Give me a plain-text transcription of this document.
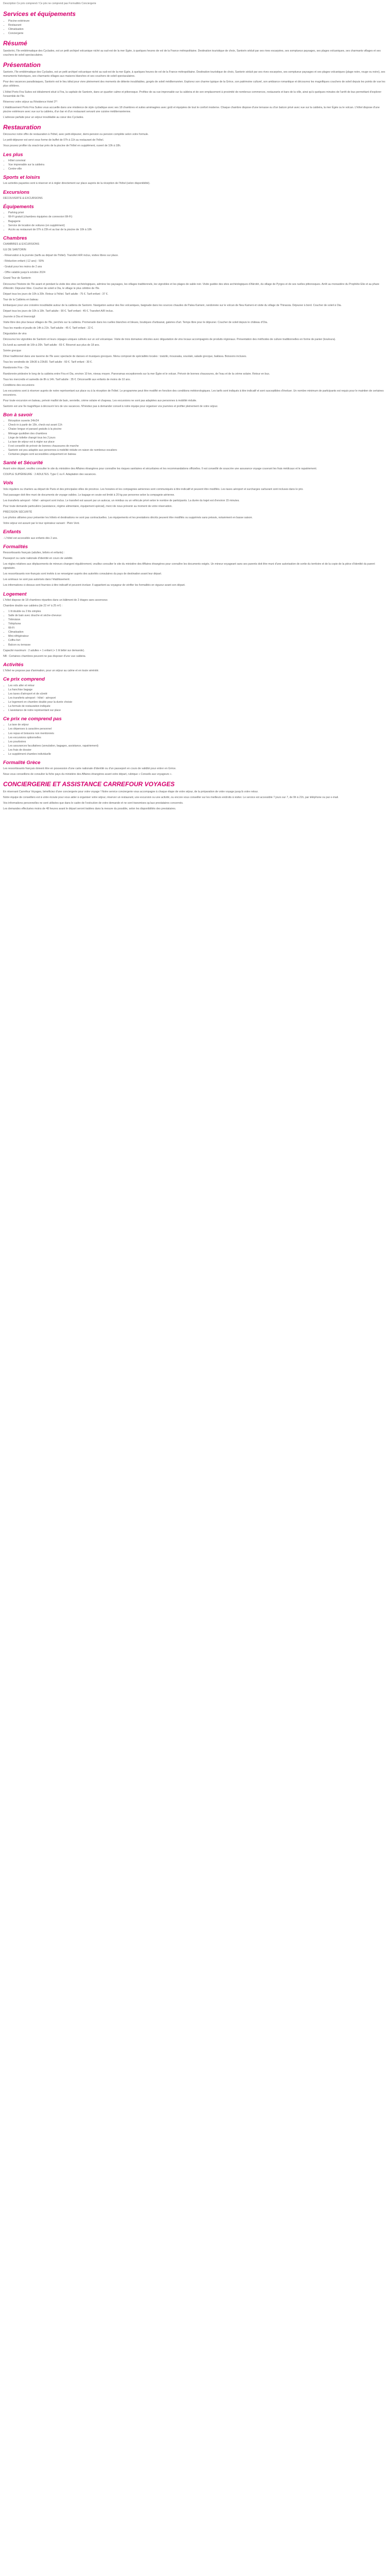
Description Ce prix comprend / Ce prix ne comprend pas Formalités Conciergerie
Services et équipements
• Piscine extérieure
• Restaurant
• Climatisation
• Conciergerie
Résumé

Sandoríni, l'île emblématique des Cyclades, est un petit archipel volcanique niché au sud-est de la mer Egée, à quelques heures de vol de la France métropolitaine. Destination touristique de choix, Santorin séduit par ses rives escarpées, ses somptueux paysages, ses plages volcaniques, ses charmants villages et ses couchers de soleil spectaculaires.

Présentation

Santorin, l'île emblématique des Cyclades, est un petit archipel volcanique niché au sud-est de la mer Egée, à quelques heures de vol de la France métropolitaine. Destination touristique de choix, Santorin séduit par ses rives escarpées, ses somptueux paysages et ses plages volcaniques (plage noire, rouge ou noire), ses monuments historiques, ses charmants villages aux maisons blanches et ses couchers de soleil spectaculaires.

Pour des vacances paradisiaques, Santorin est le lieu idéal pour vivre pleinement des moments de détente inoubliables, gorgés de soleil méditerranéen. Explorez son charme typique de la Grèce, son patrimoine culturel, son ambiance romantique et découvrez les magnifiques couchers de soleil depuis les points de vue les plus célèbres.

L'Hôtel Porto Fira Suites est idéalement situé à Fira, la capitale de Santorin, dans un quartier calme et pittoresque. Profitez de sa vue imprenable sur la caldeira et de son emplacement à proximité de nombreux commerces, restaurants et bars de la ville, ainsi qu'à quelques minutes de l'arrêt de bus permettant d'explorer l'ensemble de l'île.

Réservez votre séjour au Résidence Hotel 3*!

L'établissement Porto Fira Suites vous accueille dans une résidence de style cycladique avec ses 18 chambres et suites aménagées avec goût et équipées de tout le confort moderne. Chaque chambre dispose d'une terrasse ou d'un balcon privé avec vue sur la caldeira, la mer Égée ou le volcan. L'hôtel dispose d'une piscine extérieure avec vue sur la caldeira, d'un bar et d'un restaurant servant une cuisine méditerranéenne.

L'adresse parfaite pour un séjour inoubliable au cœur des Cyclades.

Restauration

Découvrez notre offre de restauration à l'hôtel, avec petit-déjeuner, demi-pension ou pension complète selon votre formule.

Le petit-déjeuner est servi sous forme de buffet de 07h à 11h au restaurant de l'hôtel.

Vous pouvez profiter du snack-bar près de la piscine de l'hôtel en supplément, ouvert de 10h à 18h.

Les plus
• Hôtel convivial
• Vue imprenable sur la caldeira
• Centre-ville
Sports et loisirs

Les activités payantes sont à réserver et à régler directement sur place auprès de la réception de l'hôtel (selon disponibilité).

Excursions

DÉCOUVERTE & EXCURSIONS

Équipements
• Parking privé
• Wi-Fi gratuit (chambres équipées de connexion Wi-Fi)
• Bagagerie
• Service de location de voitures (en supplément)
• Accès au restaurant de 07h à 23h et au bar de la piscine de 10h à 18h
Chambres

CHAMBRES & EXCURSIONS

ILE DE SANTORIN

- Réservation à la journée (tarifs au départ de l'hôtel). Transfert A/R inclus, visites libres sur place.

- Réduction enfant (-12 ans) : 50%

- Gratuit pour les moins de 2 ans

- Offre valable jusqu'à octobre 2024

Grand Tour de Santorin

Découvrez l'histoire de l'île avant et pendant la visite des sites archéologiques, admirez les paysages, les villages traditionnels, les vignobles et les plages de sable noir. Visite guidée des sites archéologiques d'Akrotiri, du village de Pyrgos et de ses ruelles pittoresques. Arrêt au monastère du Prophète Elie et au phare d'Akrotiri. Déjeuner libre. Coucher de soleil à Oia, le village le plus célèbre de l'île.

Départ tous les jours de 10h à 20h. Retour à l'hôtel. Tarif adulte : 75 €. Tarif enfant : 37 €.

Tour de la Caldeira en bateau

Embarquez pour une croisière inoubliable autour de la caldeira de Santorin. Navigation autour des îles volcaniques, baignade dans les sources chaudes de Palea Kameni, randonnée sur le volcan de Nea Kameni et visite du village de Thirassia. Déjeuner à bord. Coucher de soleil à Oia.

Départ tous les jours de 10h à 19h. Tarif adulte : 90 €. Tarif enfant : 45 €. Transfert A/R inclus.

Journée à Oia et Imerovigli

Visite libre des plus beaux villages de l'île, perchés sur la caldeira. Promenade dans les ruelles blanches et bleues, boutiques d'artisanat, galeries d'art. Temps libre pour le déjeuner. Coucher de soleil depuis le château d'Oia.

Tous les mardis et jeudis de 14h à 21h. Tarif adulte : 45 €. Tarif enfant : 22 €.

Dégustation de vins

Découvrez les vignobles de Santorin et leurs cépages uniques cultivés sur un sol volcanique. Visite de trois domaines viticoles avec dégustation de vins locaux accompagnés de produits régionaux. Présentation des méthodes de culture traditionnelles en forme de panier (kouloura).

Du lundi au samedi de 16h à 20h. Tarif adulte : 65 €. Réservé aux plus de 18 ans.

Soirée grecque

Dîner traditionnel dans une taverne de l'île avec spectacle de danses et musiques grecques. Menu composé de spécialités locales : tzatziki, moussaka, souvlaki, salade grecque, baklava. Boissons incluses.

Tous les vendredis de 19h30 à 23h30. Tarif adulte : 60 €. Tarif enfant : 30 €.

Randonnée Fira - Oia

Randonnée pédestre le long de la caldeira entre Fira et Oia, environ 10 km, niveau moyen. Panoramas exceptionnels sur la mer Égée et le volcan. Prévoir de bonnes chaussures, de l'eau et de la crème solaire. Retour en bus.

Tous les mercredis et samedis de 8h à 14h. Tarif adulte : 35 €. Déconseillé aux enfants de moins de 10 ans.

Conditions des excursions

Les excursions sont à réserver auprès de notre représentant sur place ou à la réception de l'hôtel. Le programme peut être modifié en fonction des conditions météorologiques. Les tarifs sont indiqués à titre indicatif et sont susceptibles d'évoluer. Un nombre minimum de participants est requis pour le maintien de certaines excursions.

Pour toute excursion en bateau, prévoir maillot de bain, serviette, crème solaire et chapeau. Les excursions ne sont pas adaptées aux personnes à mobilité réduite.

Santorin est une île magnifique à découvrir lors de vos vacances. N'hésitez pas à demander conseil à notre équipe pour organiser vos journées et profiter pleinement de votre séjour.

Bon à savoir
• Réception ouverte 24h/24
• Check-in à partir de 15h, check-out avant 11h
• Chaise longue et parasol gratuits à la piscine
• Ménage quotidien des chambres
• Linge de toilette changé tous les 2 jours
• La taxe de séjour est à régler sur place
• Il est conseillé de prévoir de bonnes chaussures de marche
• Santorin est peu adaptée aux personnes à mobilité réduite en raison de nombreux escaliers
• Certaines plages sont accessibles uniquement en bateau
Santé et Sécurité

Avant votre départ, veuillez consulter le site du ministère des Affaires étrangères pour connaître les risques sanitaires et sécuritaires et les recommandations officielles. Il est conseillé de souscrire une assurance voyage couvrant les frais médicaux et le rapatriement.

COUPLE SUPÉRIEURE : 2 ADULTES. Type C ou F. Adaptation des vacances.

Vols

Vols réguliers ou charters au départ de Paris et des principales villes de province. Les horaires et les compagnies aériennes sont communiqués à titre indicatif et peuvent être modifiés. Les taxes aéroport et surcharges carburant sont incluses dans le prix.

Tout passager doit être muni de documents de voyage valides. Le bagage en soute est limité à 20 kg par personne selon la compagnie aérienne.

Les transferts aéroport - hôtel - aéroport sont inclus. Le transfert est assuré par un autocar, un minibus ou un véhicule privé selon le nombre de participants. La durée du trajet est d'environ 15 minutes.

Pour toute demande particulière (assistance, régime alimentaire, équipement spécial), merci de nous prévenir au moment de votre réservation.

PRÉCISION SÉCURITÉ

Les photos utilisées pour présenter les hôtels et destinations ne sont pas contractuelles. Les équipements et les prestations décrits peuvent être modifiés ou supprimés sans préavis, notamment en basse saison.

Votre séjour est assuré par le tour opérateur suivant : Plein Vent.

Enfants

- L'hôtel est accessible aux enfants dès 2 ans.

Formalités

Ressortissants français (adultes, bébés et enfants) :

Passeport ou carte nationale d'identité en cours de validité.

Les règles relatives aux déplacements de mineurs changent régulièrement, veuillez consulter le site du ministère des Affaires étrangères pour connaître les documents exigés. Un mineur voyageant sans ses parents doit être muni d'une autorisation de sortie du territoire et de la copie de la pièce d'identité du parent signataire.

Les ressortissants non-français sont invités à se renseigner auprès des autorités consulaires du pays de destination avant leur départ.

Les animaux ne sont pas autorisés dans l'établissement.

Les informations ci-dessus sont fournies à titre indicatif et peuvent évoluer. Il appartient au voyageur de vérifier les formalités en vigueur avant son départ.

Logement

L'hôtel dispose de 18 chambres réparties dans un bâtiment de 2 étages sans ascenseur.

Chambre double vue caldeira (de 22 m² à 25 m²) :

• 1 lit double ou 2 lits simples
• Salle de bain avec douche et sèche-cheveux
• Télévision
• Téléphone
• Wi-Fi
• Climatisation
• Mini-réfrigérateur
• Coffre-fort
• Balcon ou terrasse

Capacité maximum : 2 adultes + 1 enfant (+ 1 lit bébé sur demande).

NB : Certaines chambres peuvent ne pas disposer d'une vue caldeira.

Activités

L'hôtel ne propose pas d'animation, pour un séjour au calme et en toute sérénité.

Ce prix comprend
• Les vols aller et retour
• La franchise bagage
• Les taxes d'aéroport et de sûreté
• Les transferts aéroport - hôtel - aéroport
• Le logement en chambre double pour la durée choisie
• La formule de restauration indiquée
• L'assistance de notre représentant sur place
Ce prix ne comprend pas
• La taxe de séjour
• Les dépenses à caractère personnel
• Les repas et boissons non mentionnés
• Les excursions optionnelles
• Les pourboires
• Les assurances facultatives (annulation, bagages, assistance, rapatriement)
• Les frais de dossier
• Le supplément chambre individuelle
Formalité Grèce

Les ressortissants français doivent être en possession d'une carte nationale d'identité ou d'un passeport en cours de validité pour entrer en Grèce.

Nous vous conseillons de consulter la fiche pays du ministère des Affaires étrangères avant votre départ, rubrique « Conseils aux voyageurs ».

CONCIERGERIE ET ASSISTANCE CARREFOUR VOYAGES

En réservant Carrefour Voyages, bénéficiez d'une conciergerie pour votre voyage ! Notre service conciergerie vous accompagne à chaque étape de votre séjour, de la préparation de votre voyage jusqu'à votre retour.

Notre équipe de conseillers est à votre écoute pour vous aider à organiser votre séjour, réserver un restaurant, une excursion ou une activité, ou encore vous conseiller sur les meilleurs endroits à visiter. Le service est accessible 7 jours sur 7, de 9h à 21h, par téléphone ou par e-mail.

Vos informations personnelles ne sont utilisées que dans le cadre de l'exécution de votre demande et ne sont transmises qu'aux prestataires concernés.

Les demandes effectuées moins de 48 heures avant le départ seront traitées dans la mesure du possible, selon les disponibilités des prestataires.
